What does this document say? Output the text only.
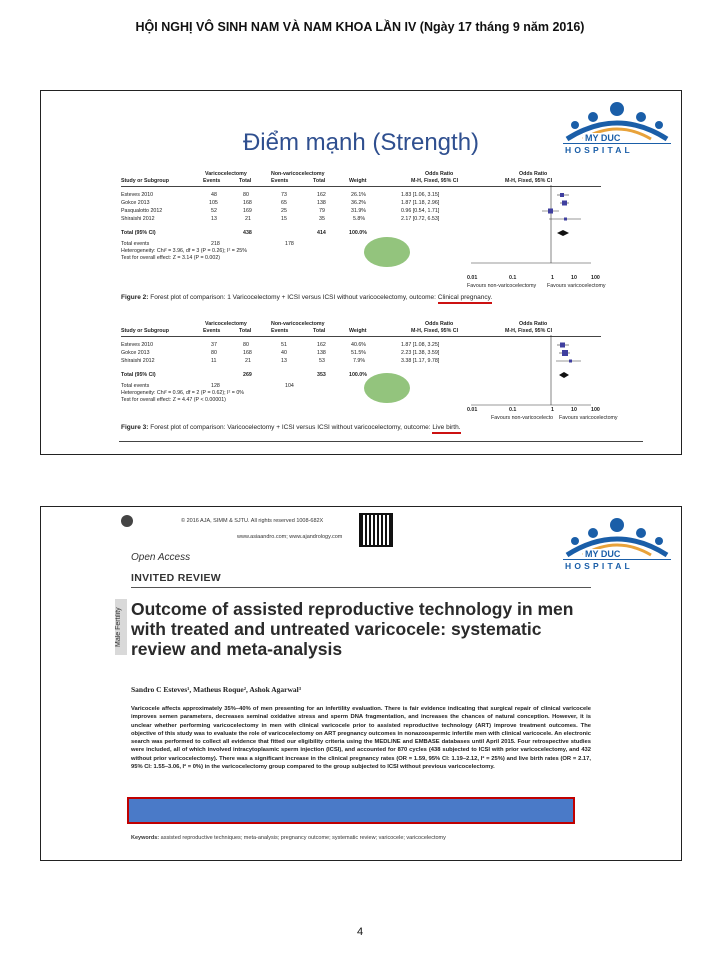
HỘI NGHỊ VÔ SINH NAM VÀ NAM KHOA LẦN IV (Ngày 17 tháng 9 năm 2016)
MY DUC
HOSPITAL
Điểm mạnh (Strength)
Varicocelectomy	Non-varicocelectomy	Odds Ratio	Odds Ratio
Study or Subgroup	Events	Total	Events	Total	Weight	M-H, Fixed, 95% CI	M-H, Fixed, 95% CI
Esteves 2010	48	80	73	162	26.1%	1.83 [1.06, 3.15]
Gokce 2013	105	168	65	138	36.2%	1.87 [1.18, 2.96]
Pasqualotto 2012	52	169	25	79	31.9%	0.96 [0.54, 1.71]
Shiraishi 2012	13	21	15	35	5.8%	2.17 [0.72, 6.53]
Total (95% CI)	438	414	100.0%
Total events	218	178
Heterogeneity: Chi² = 3.96, df = 3 (P = 0.26); I² = 25%
Test for overall effect: Z = 3.14 (P = 0.002)
0.01	0.1	1	10	100
Favours non-varicocelectomy Favours varicocelectomy
Figure 2: Forest plot of comparison: 1 Varicocelectomy + ICSI versus ICSI without varicocelectomy, outcome: Clinical pregnancy.
Varicocelectomy	Non-varicocelectomy	Odds Ratio	Odds Ratio
Study or Subgroup	Events	Total	Events	Total	Weight	M-H, Fixed, 95% CI	M-H, Fixed, 95% CI
Esteves 2010	37	80	51	162	40.6%	1.87 [1.08, 3.25]
Gokce 2013	80	168	40	138	51.5%	2.23 [1.38, 3.59]
Shiraishi 2012	11	21	13	53	7.9%	3.38 [1.17, 9.78]
Total (95% CI)	269	353	100.0%
Total events	128	104
Heterogeneity: Chi² = 0.96, df = 2 (P = 0.62); I² = 0%
Test for overall effect: Z = 4.47 (P < 0.00001)
0.01	0.1	1	10	100
Favours non-varicocelecto Favours varicocelectomy
Figure 3: Forest plot of comparison: Varicocelectomy + ICSI versus ICSI without varicocelectomy, outcome: Live birth.
MY DUC
HOSPITAL
© 2016 AJA, SIMM & SJTU. All rights reserved 1008-682X
www.asiaandro.com; www.ajandrology.com
Open Access
INVITED REVIEW
Male Fertility Outcome of assisted reproductive technology in men with treated and untreated varicocele: systematic review and meta-analysis
Sandro C Esteves¹, Matheus Roque², Ashok Agarwal³
Varicocele affects approximately 35%–40% of men presenting for an infertility evaluation. There is fair evidence indicating that surgical repair of clinical varicocele improves semen parameters, decreases seminal oxidative stress and sperm DNA fragmentation, and increases the chances of natural conception. However, it is unclear whether performing varicocelectomy in men with clinical varicocele prior to assisted reproductive technology (ART) improve treatment outcomes. The objective of this study was to evaluate the role of varicocelectomy on ART pregnancy outcomes in nonazoospermic infertile men with clinical varicocele. An electronic search was performed to collect all evidence that fitted our eligibility criteria using the MEDLINE and EMBASE databases until April 2015. Four retrospective studies were included, all of which involved intracytoplasmic sperm injection (ICSI), and accounted for 870 cycles (438 subjected to ICSI with prior varicocelectomy, and 432 without prior varicocelectomy). There was a significant increase in the clinical pregnancy rates (OR = 1.59, 95% CI: 1.19–2.12, I² = 25%) and live birth rates (OR = 2.17, 95% CI: 1.55–3.06, I² = 0%) in the varicocelectomy group compared to the group subjected to ICSI without previous varicocelectomy.
Keywords: assisted reproductive techniques; meta-analysis; pregnancy outcome; systematic review; varicocele; varicocelectomy
4
